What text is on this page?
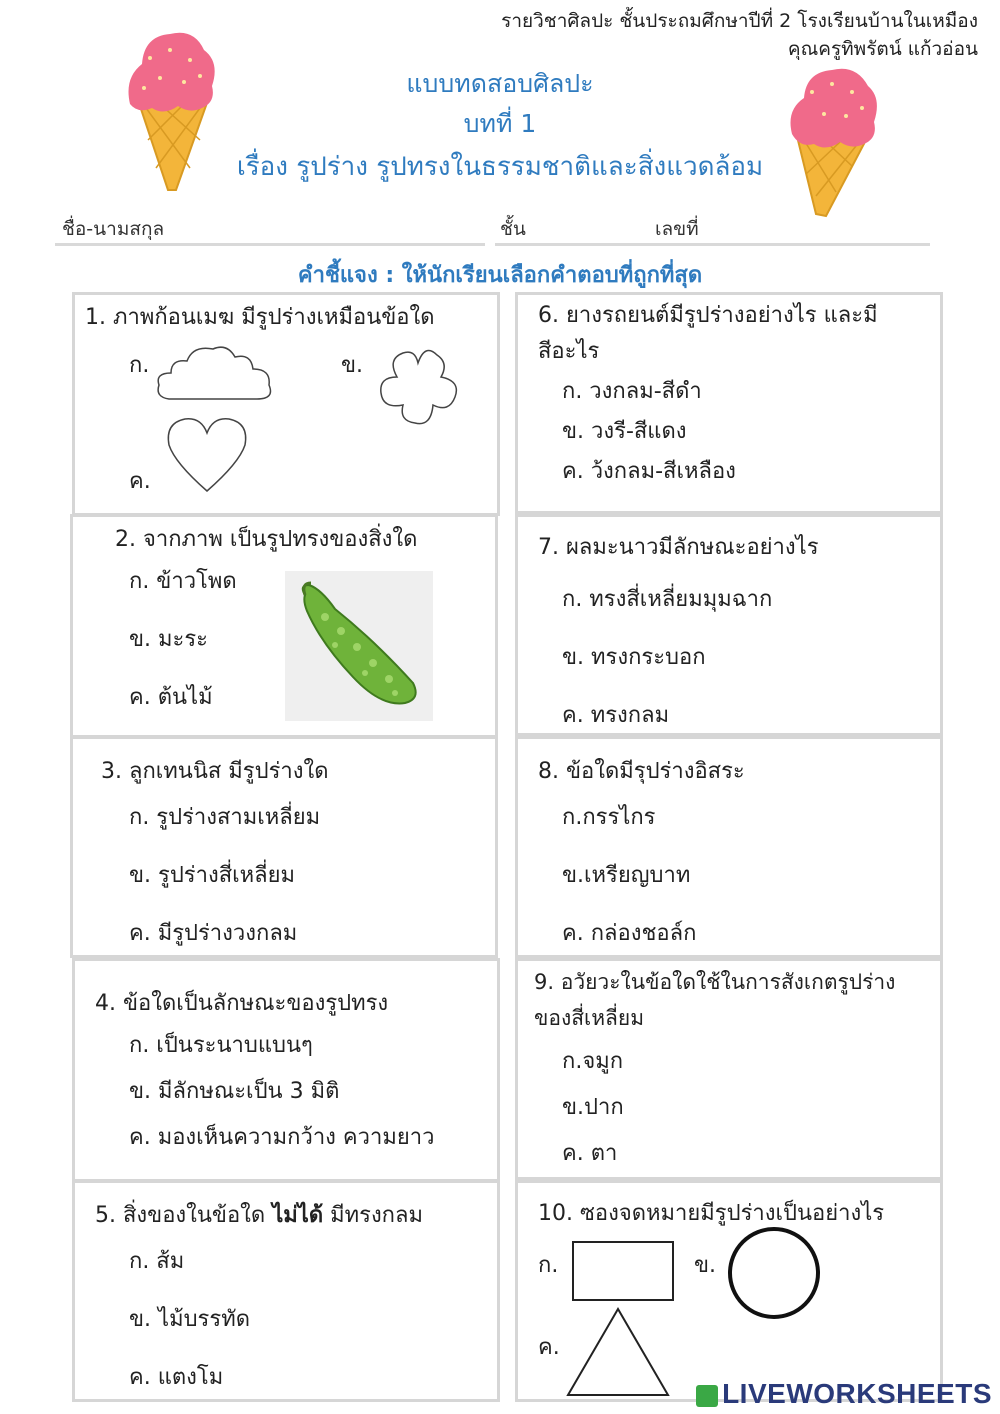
รายวิชาศิลปะ ชั้นประถมศึกษาปีที่ 2 โรงเรียนบ้านในเหมือง
คุณครูทิพรัตน์ แก้วอ่อน
แบบทดสอบศิลปะ
บทที่ 1
เรื่อง รูปร่าง รูปทรงในธรรมชาติและสิ่งแวดล้อม
ชื่อ-นามสกุล	ชั้น	เลขที่
คำชี้แจง : ให้นักเรียนเลือกคำตอบที่ถูกที่สุด
1. ภาพก้อนเมฆ มีรูปร่างเหมือนข้อใด
ก.	ข.
ค.
2. จากภาพ เป็นรูปทรงของสิ่งใด
ก. ข้าวโพด
ข. มะระ
ค. ต้นไม้
3. ลูกเทนนิส มีรูปร่างใด
ก. รูปร่างสามเหลี่ยม
ข. รูปร่างสี่เหลี่ยม
ค. มีรูปร่างวงกลม
4. ข้อใดเป็นลักษณะของรูปทรง
ก. เป็นระนาบแบนๆ
ข. มีลักษณะเป็น 3 มิติ
ค. มองเห็นความกว้าง ความยาว
5. สิ่งของในข้อใด ไม่ได้ มีทรงกลม
ก. ส้ม
ข. ไม้บรรทัด
ค. แตงโม
6. ยางรถยนต์มีรูปร่างอย่างไร และมี
สีอะไร
ก. วงกลม-สีดำ
ข. วงรี-สีแดง
ค. ว้งกลม-สีเหลือง
7. ผลมะนาวมีลักษณะอย่างไร
ก. ทรงสี่เหลี่ยมมุมฉาก
ข. ทรงกระบอก
ค. ทรงกลม
8. ข้อใดมีรุปร่างอิสระ
ก.กรรไกร
ข.เหรียญบาท
ค. กล่องชอล์ก
9. อวัยวะในข้อใดใช้ในการสังเกตรูปร่าง
ของสี่เหลี่ยม
ก.จมูก
ข.ปาก
ค. ตา
10. ซองจดหมายมีรูปร่างเป็นอย่างไร
ก.	ข.
ค.
LIVEWORKSHEETS
